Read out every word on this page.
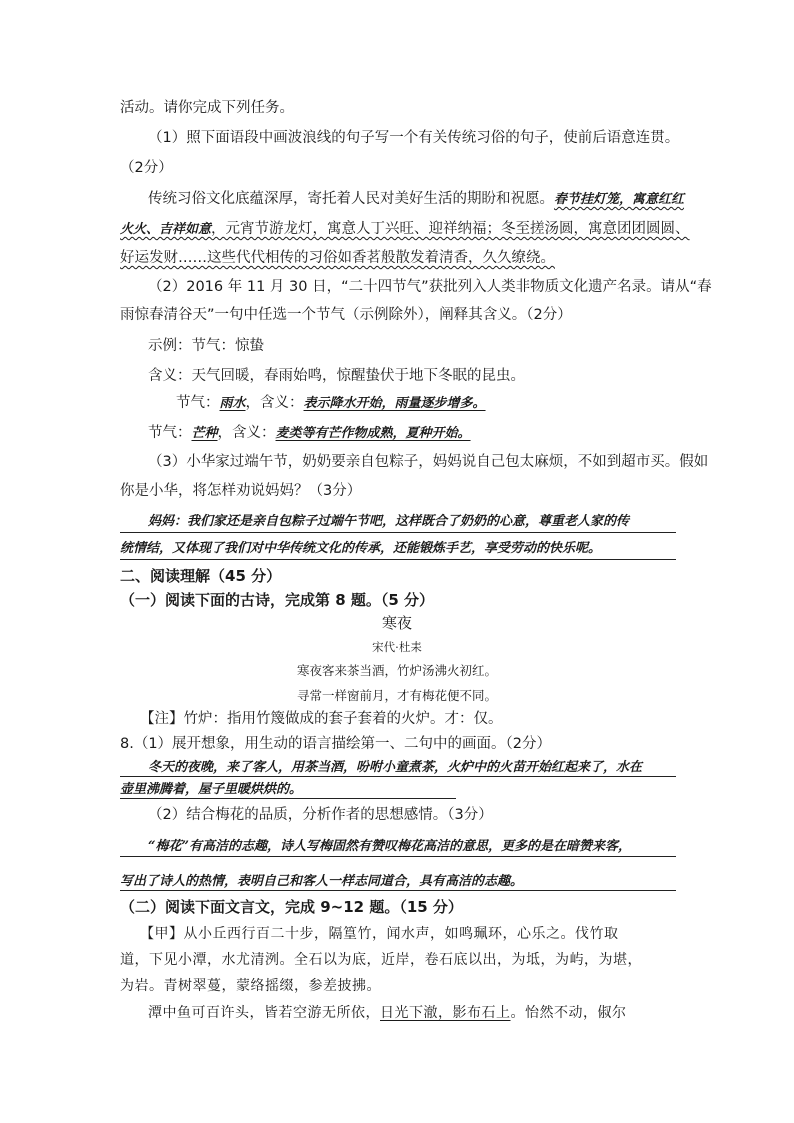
活动。请你完成下列任务。
（1）照下面语段中画波浪线的句子写一个有关传统习俗的句子，使前后语意连贯。
（2分）
传统习俗文化底蕴深厚，寄托着人民对美好生活的期盼和祝愿。春节挂灯笼，寓意红红
火火、吉祥如意，元宵节游龙灯，寓意人丁兴旺、迎祥纳福；冬至搓汤圆，寓意团团圆圆、
好运发财……这些代代相传的习俗如香茗般散发着清香，久久缭绕。
（2）2016 年 11 月 30 日，“二十四节气”获批列入人类非物质文化遗产名录。请从“春
雨惊春清谷天”一句中任选一个节气（示例除外），阐释其含义。（2分）
示例：节气：惊蛰
含义：天气回暖，春雨始鸣，惊醒蛰伏于地下冬眠的昆虫。
节气：雨水，含义：表示降水开始，雨量逐步增多。
节气：芒种，含义：麦类等有芒作物成熟，夏种开始。
（3）小华家过端午节，奶奶要亲自包粽子，妈妈说自己包太麻烦，不如到超市买。假如
你是小华，将怎样劝说妈妈？（3分）
妈妈：我们家还是亲自包粽子过端午节吧，这样既合了奶奶的心意，尊重老人家的传
统情结，又体现了我们对中华传统文化的传承，还能锻炼手艺，享受劳动的快乐呢。
二、阅读理解（45 分）
（一）阅读下面的古诗，完成第 8 题。（5 分）
寒夜
宋代·杜耒
寒夜客来茶当酒，竹炉汤沸火初红。
寻常一样窗前月，才有梅花便不同。
【注】竹炉：指用竹篾做成的套子套着的火炉。才：仅。
8.（1）展开想象，用生动的语言描绘第一、二句中的画面。（2分）
冬天的夜晚，来了客人，用茶当酒，吩咐小童煮茶，火炉中的火苗开始红起来了，水在
壶里沸腾着，屋子里暖烘烘的。
（2）结合梅花的品质，分析作者的思想感情。（3分）
“梅花”有高洁的志趣，诗人写梅固然有赞叹梅花高洁的意思，更多的是在暗赞来客，
写出了诗人的热情，表明自己和客人一样志同道合，具有高洁的志趣。
（二）阅读下面文言文，完成 9~12 题。（15 分）
【甲】从小丘西行百二十步，隔篁竹，闻水声，如鸣珮环，心乐之。伐竹取
道，下见小潭，水尤清洌。全石以为底，近岸，卷石底以出，为坻，为屿，为堪，
为岩。青树翠蔓，蒙络摇缀，参差披拂。
潭中鱼可百许头，皆若空游无所依，日光下澈，影布石上。怡然不动，俶尔
